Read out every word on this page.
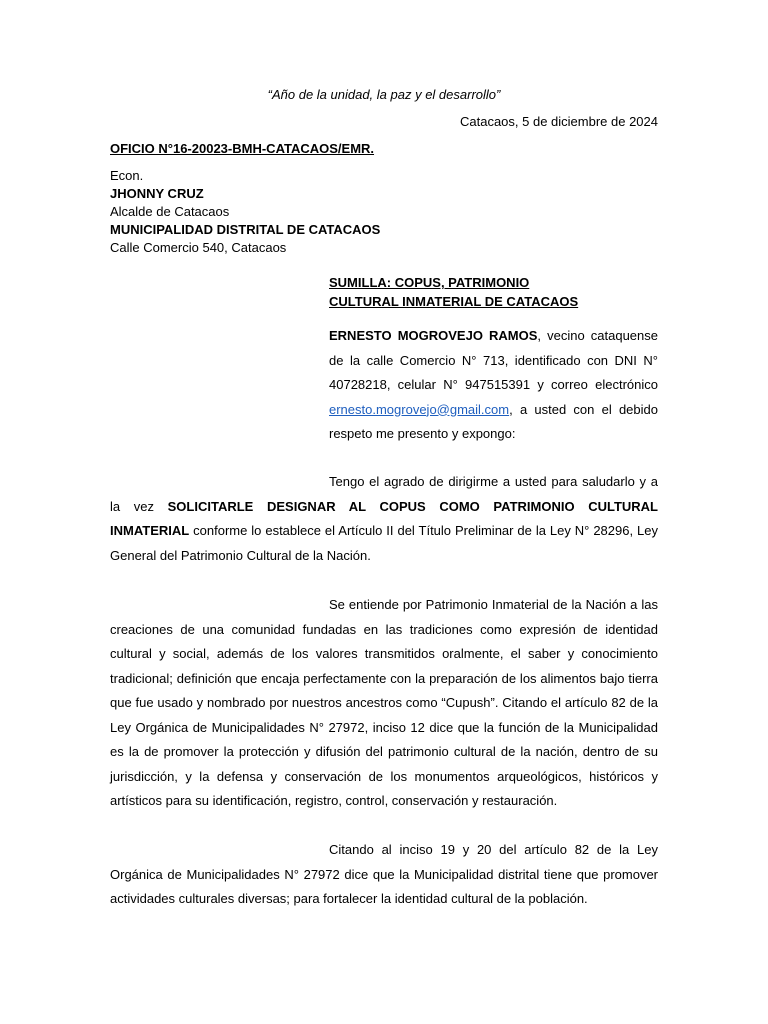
“Año de la unidad, la paz y el desarrollo”
Catacaos, 5 de diciembre de 2024
OFICIO N°16-20023-BMH-CATACAOS/EMR.
Econ.
JHONNY CRUZ
Alcalde de Catacaos
MUNICIPALIDAD DISTRITAL DE CATACAOS
Calle Comercio 540, Catacaos
SUMILLA: COPUS, PATRIMONIO CULTURAL INMATERIAL DE CATACAOS
ERNESTO MOGROVEJO RAMOS, vecino cataquense de la calle Comercio N° 713, identificado con DNI N° 40728218, celular N° 947515391 y correo electrónico ernesto.mogrovejo@gmail.com, a usted con el debido respeto me presento y expongo:
Tengo el agrado de dirigirme a usted para saludarlo y a la vez SOLICITARLE DESIGNAR AL COPUS COMO PATRIMONIO CULTURAL INMATERIAL conforme lo establece el Artículo II del Título Preliminar de la Ley N° 28296, Ley General del Patrimonio Cultural de la Nación.
Se entiende por Patrimonio Inmaterial de la Nación a las creaciones de una comunidad fundadas en las tradiciones como expresión de identidad cultural y social, además de los valores transmitidos oralmente, el saber y conocimiento tradicional; definición que encaja perfectamente con la preparación de los alimentos bajo tierra que fue usado y nombrado por nuestros ancestros como “Cupush”. Citando el artículo 82 de la Ley Orgánica de Municipalidades N° 27972, inciso 12 dice que la función de la Municipalidad es la de promover la protección y difusión del patrimonio cultural de la nación, dentro de su jurisdicción, y la defensa y conservación de los monumentos arqueológicos, históricos y artísticos para su identificación, registro, control, conservación y restauración.
Citando al inciso 19 y 20 del artículo 82 de la Ley Orgánica de Municipalidades N° 27972 dice que la Municipalidad distrital tiene que promover actividades culturales diversas; para fortalecer la identidad cultural de la población.
